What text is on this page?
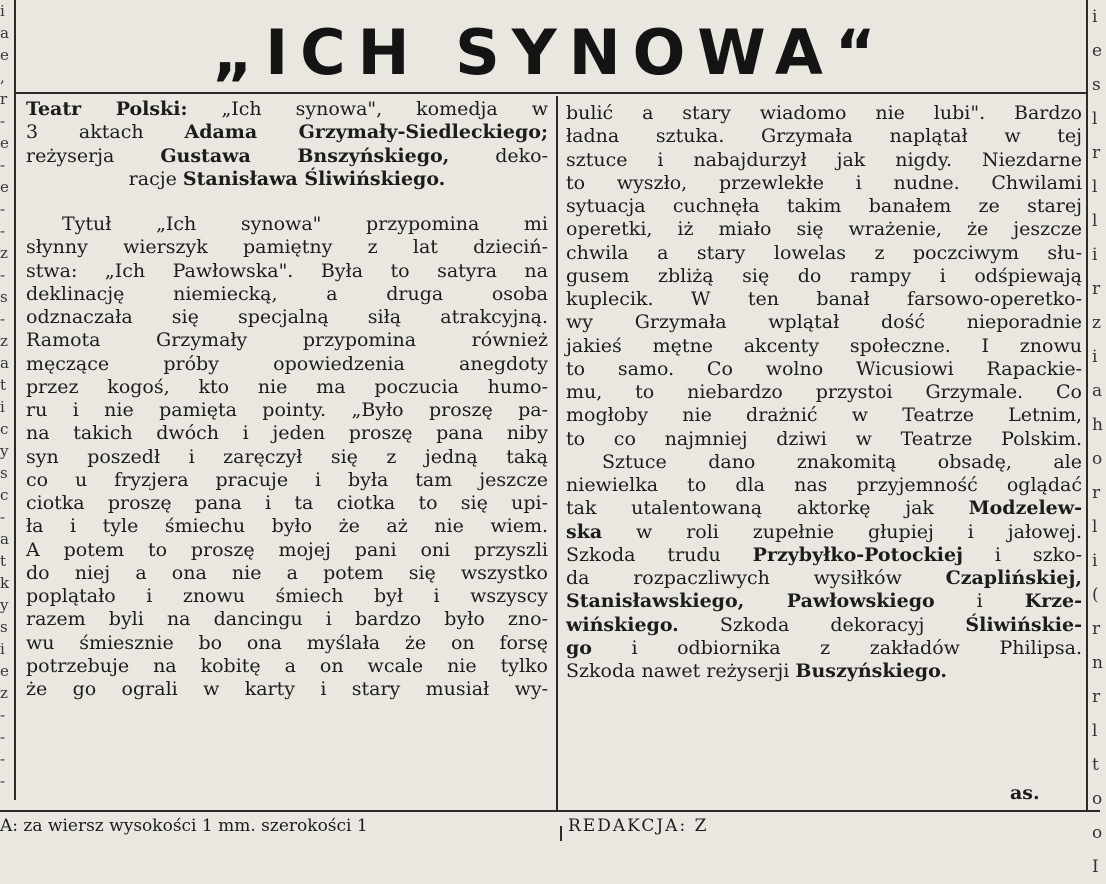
i
a
e
,
r
-
e
-
e
-
-
z
-
s
-
z
a
t
i
c
y
s
c
-
a
t
k
y
s
i
e
z
-
-
-
-
i
e
s
l
r
l
l
i
r
z
i
a
h
o
r
l
i
(
r
n
r
l
t
o
o
I
„ICH SYNOWA“
Teatr Polski: „Ich synowa", komedja w
3 aktach Adama Grzymały-Siedleckiego;
reżyserja Gustawa Bnszyńskiego, deko-
racje Stanisława Śliwińskiego.
Tytuł „Ich synowa" przypomina mi
słynny wierszyk pamiętny z lat dzieciń-
stwa: „Ich Pawłowska". Była to satyra na
deklinację niemiecką, a druga osoba
odznaczała się specjalną siłą atrakcyjną.
Ramota Grzymały przypomina również
męczące próby opowiedzenia anegdoty
przez kogoś, kto nie ma poczucia humo-
ru i nie pamięta pointy. „Było proszę pa-
na takich dwóch i jeden proszę pana niby
syn poszedł i zaręczył się z jedną taką
co u fryzjera pracuje i była tam jeszcze
ciotka proszę pana i ta ciotka to się upi-
ła i tyle śmiechu było że aż nie wiem.
A potem to proszę mojej pani oni przyszli
do niej a ona nie a potem się wszystko
poplątało i znowu śmiech był i wszyscy
razem byli na dancingu i bardzo było zno-
wu śmiesznie bo ona myślała że on forsę
potrzebuje na kobitę a on wcale nie tylko
że go ograli w karty i stary musiał wy-
bulić a stary wiadomo nie lubi". Bardzo
ładna sztuka. Grzymała naplątał w tej
sztuce i nabajdurzył jak nigdy. Niezdarne
to wyszło, przewlekłe i nudne. Chwilami
sytuacja cuchnęła takim banałem ze starej
operetki, iż miało się wrażenie, że jeszcze
chwila a stary lowelas z poczciwym słu-
gusem zbliżą się do rampy i odśpiewają
kuplecik. W ten banał farsowo-operetko-
wy Grzymała wplątał dość nieporadnie
jakieś mętne akcenty społeczne. I znowu
to samo. Co wolno Wicusiowi Rapackie-
mu, to niebardzo przystoi Grzymale. Co
mogłoby nie drażnić w Teatrze Letnim,
to co najmniej dziwi w Teatrze Polskim.
Sztuce dano znakomitą obsadę, ale
niewielka to dla nas przyjemność oglądać
tak utalentowaną aktorkę jak Modzelew-
ska w roli zupełnie głupiej i jałowej.
Szkoda trudu Przybyłko-Potockiej i szko-
da rozpaczliwych wysiłków Czaplińskiej,
Stanisławskiego, Pawłowskiego i Krze-
wińskiego. Szkoda dekoracyj Śliwińskie-
go i odbiornika z zakładów Philipsa.
Szkoda nawet reżyserji Buszyńskiego.
as.
A: za wiersz wysokości 1 mm. szerokości 1	REDAKCJA: Z
